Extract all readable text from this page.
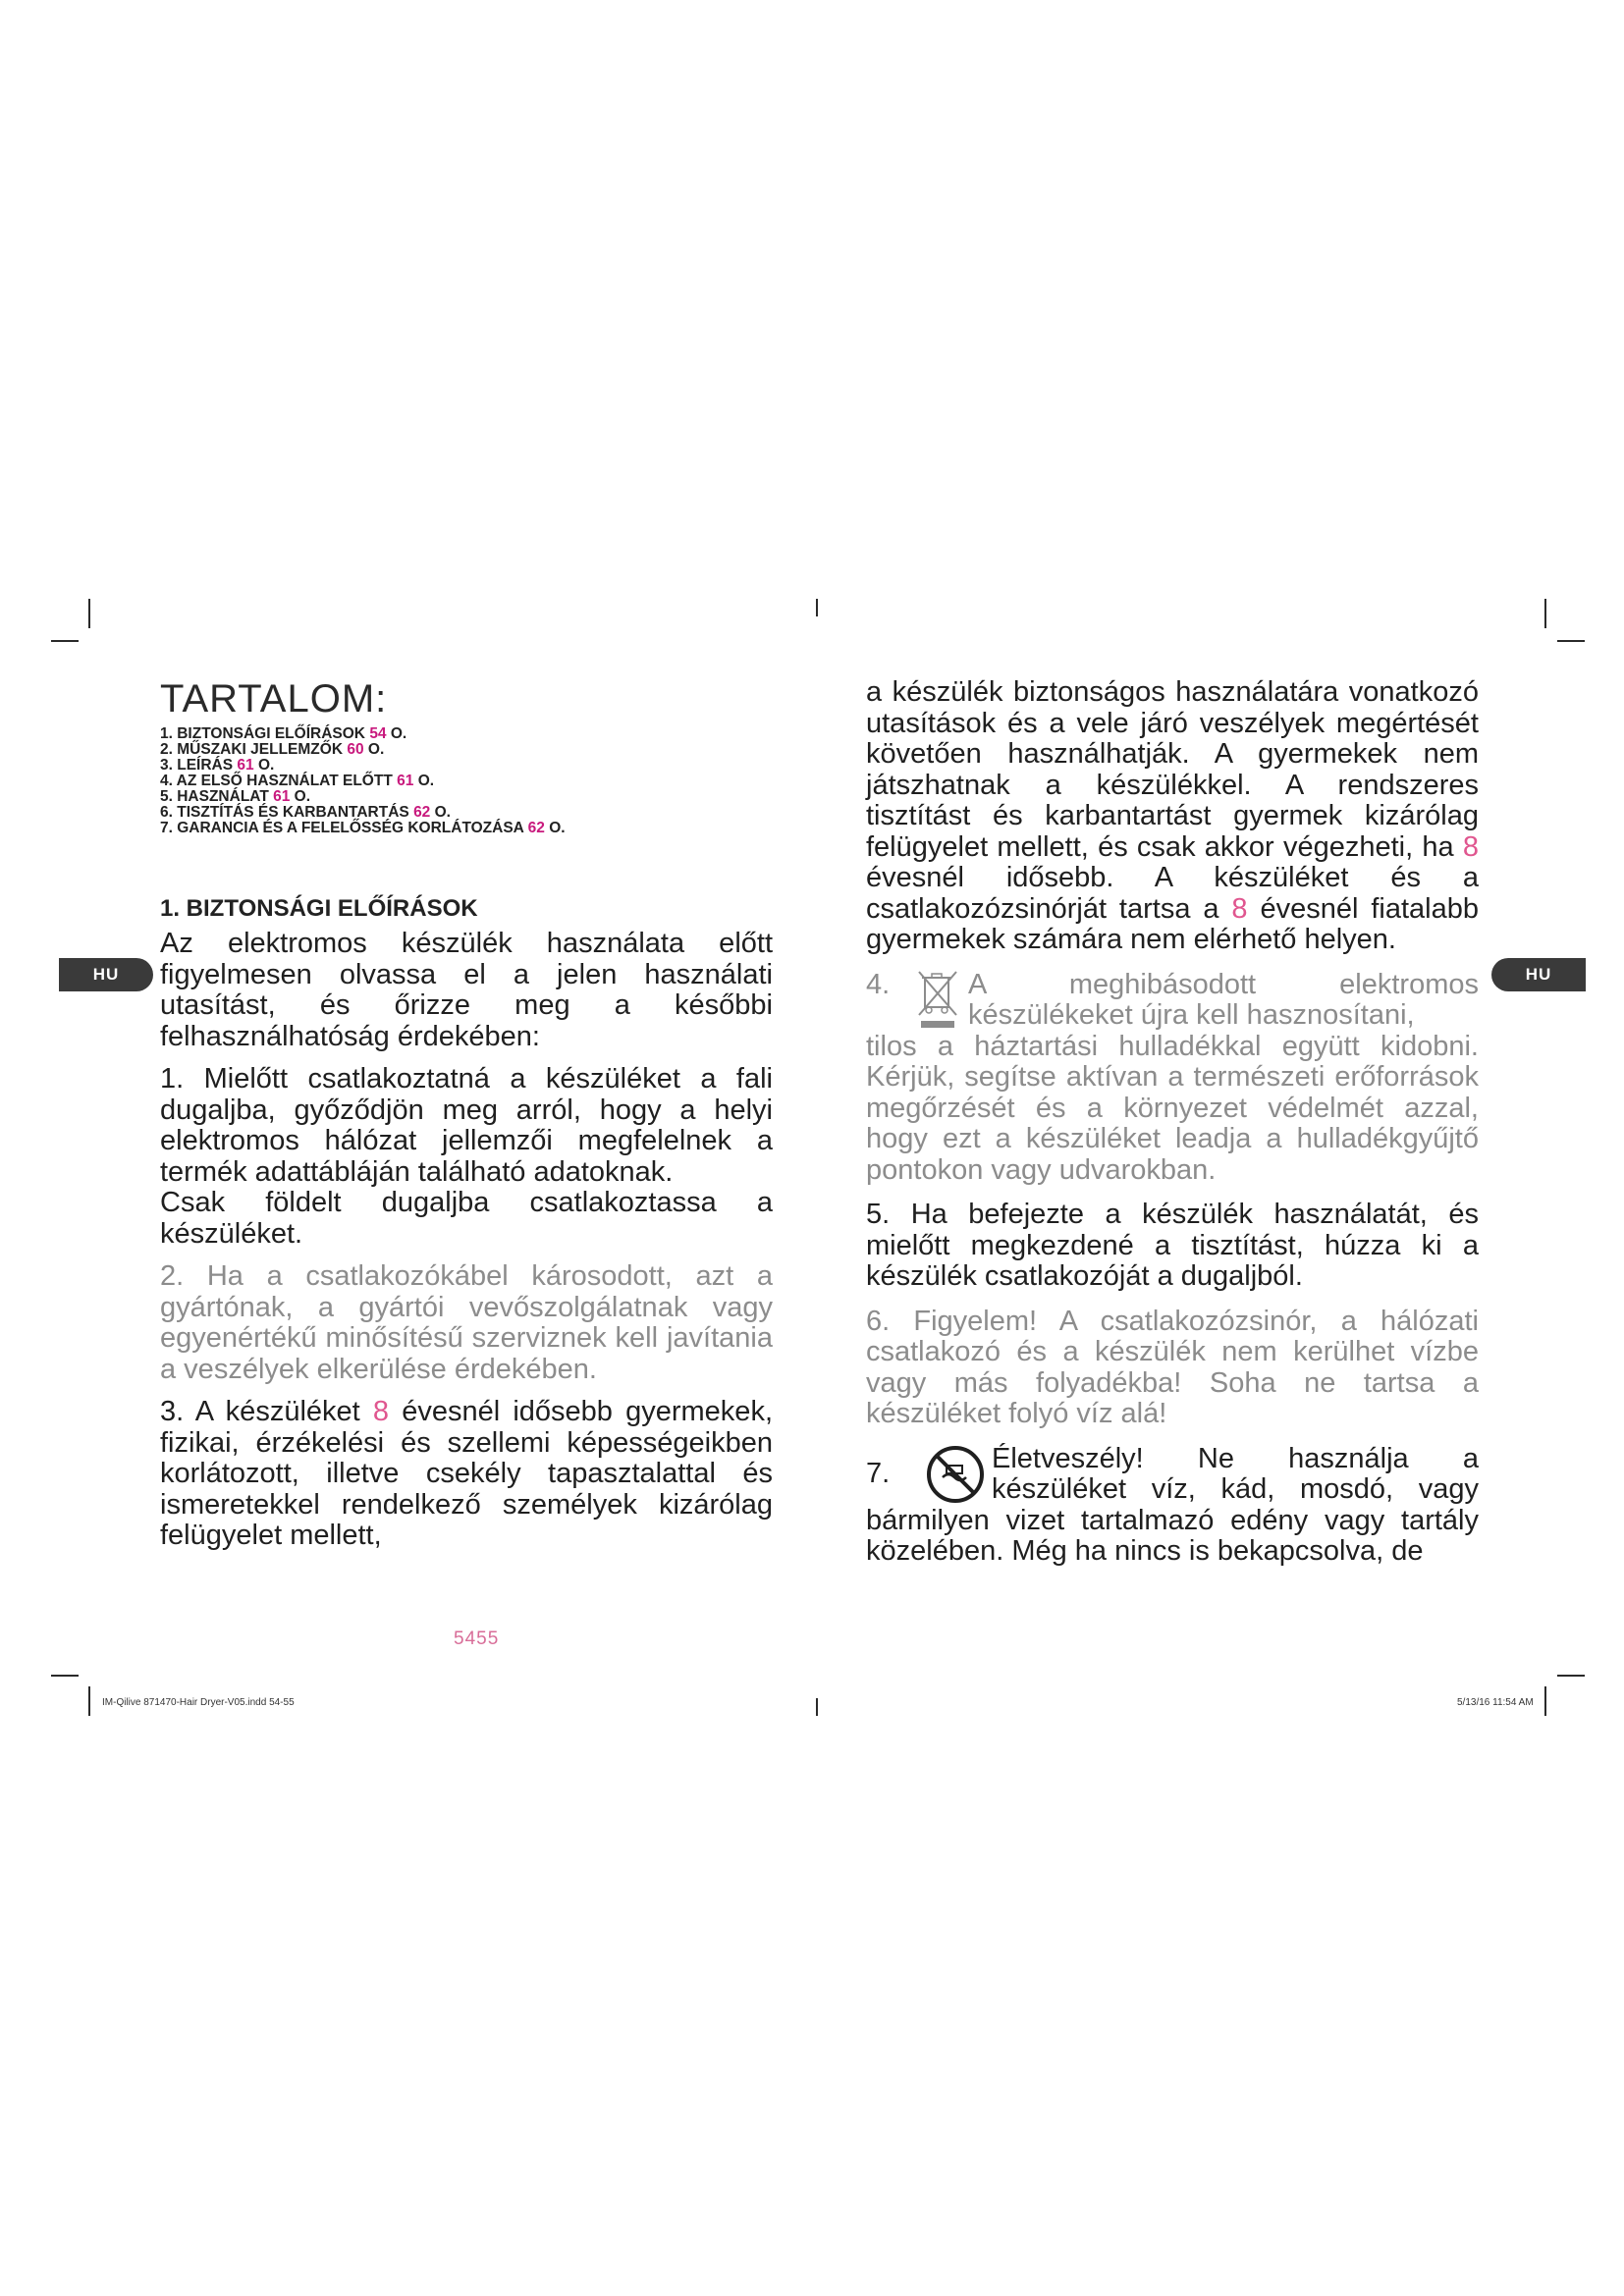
HU	HU
TARTALOM:
1. BIZTONSÁGI ELŐÍRÁSOK 54 O.
2. MŰSZAKI JELLEMZŐK 60 O.
3. LEÍRÁS 61 O.
4. AZ ELSŐ HASZNÁLAT ELŐTT 61 O.
5. HASZNÁLAT 61 O.
6. TISZTÍTÁS ÉS KARBANTARTÁS 62 O.
7. GARANCIA ÉS A FELELŐSSÉG KORLÁTOZÁSA 62 O.
1. BIZTONSÁGI ELŐÍRÁSOK

Az elektromos készülék használata előtt figyelmesen olvassa el a jelen használati utasítást, és őrizze meg a későbbi felhasználhatóság érdekében:

1. Mielőtt csatlakoztatná a készüléket a fali dugaljba, győződjön meg arról, hogy a helyi elektromos hálózat jellemzői megfelelnek a termék adattábláján található adatoknak.

Csak földelt dugaljba csatlakoztassa a készüléket.

2. Ha a csatlakozókábel károsodott, azt a gyártónak, a gyártói vevőszolgálatnak vagy egyenértékű minősítésű szerviznek kell javítania a veszélyek elkerülése érdekében.

3. A készüléket 8 évesnél idősebb gyermekek, fizikai, érzékelési és szellemi képességeikben korlátozott, illetve csekély tapasztalattal és ismeretekkel rendelkező személyek kizárólag felügyelet mellett,

a készülék biztonságos használatára vonatkozó utasítások és a vele járó veszélyek megértését követően használhatják. A gyermekek nem játszhatnak a készülékkel. A rendszeres tisztítást és karbantartást gyermek kizárólag felügyelet mellett, és csak akkor végezheti, ha 8 évesnél idősebb. A készüléket és a csatlakozózsinórját tartsa a 8 évesnél fiatalabb gyermekek számára nem elérhető helyen.

4.	A meghibásodott elektromos
készülékeket újra kell hasznosítani,

tilos a háztartási hulladékkal együtt kidobni. Kérjük, segítse aktívan a természeti erőforrások megőrzését és a környezet védelmét azzal, hogy ezt a készüléket leadja a hulladékgyűjtő pontokon vagy udvarokban.

5. Ha befejezte a készülék használatát, és mielőtt megkezdené a tisztítást, húzza ki a készülék csatlakozóját a dugaljból.

6. Figyelem! A csatlakozózsinór, a hálózati csatlakozó és a készülék nem kerülhet vízbe vagy más folyadékba! Soha ne tartsa a készüléket folyó víz alá!

7.	Életveszély! Ne használja a
készüléket víz, kád, mosdó, vagy

bármilyen vizet tartalmazó edény vagy tartály közelében. Még ha nincs is bekapcsolva, de

5455
IM-Qilive 871470-Hair Dryer-V05.indd 54-55	5/13/16 11:54 AM
